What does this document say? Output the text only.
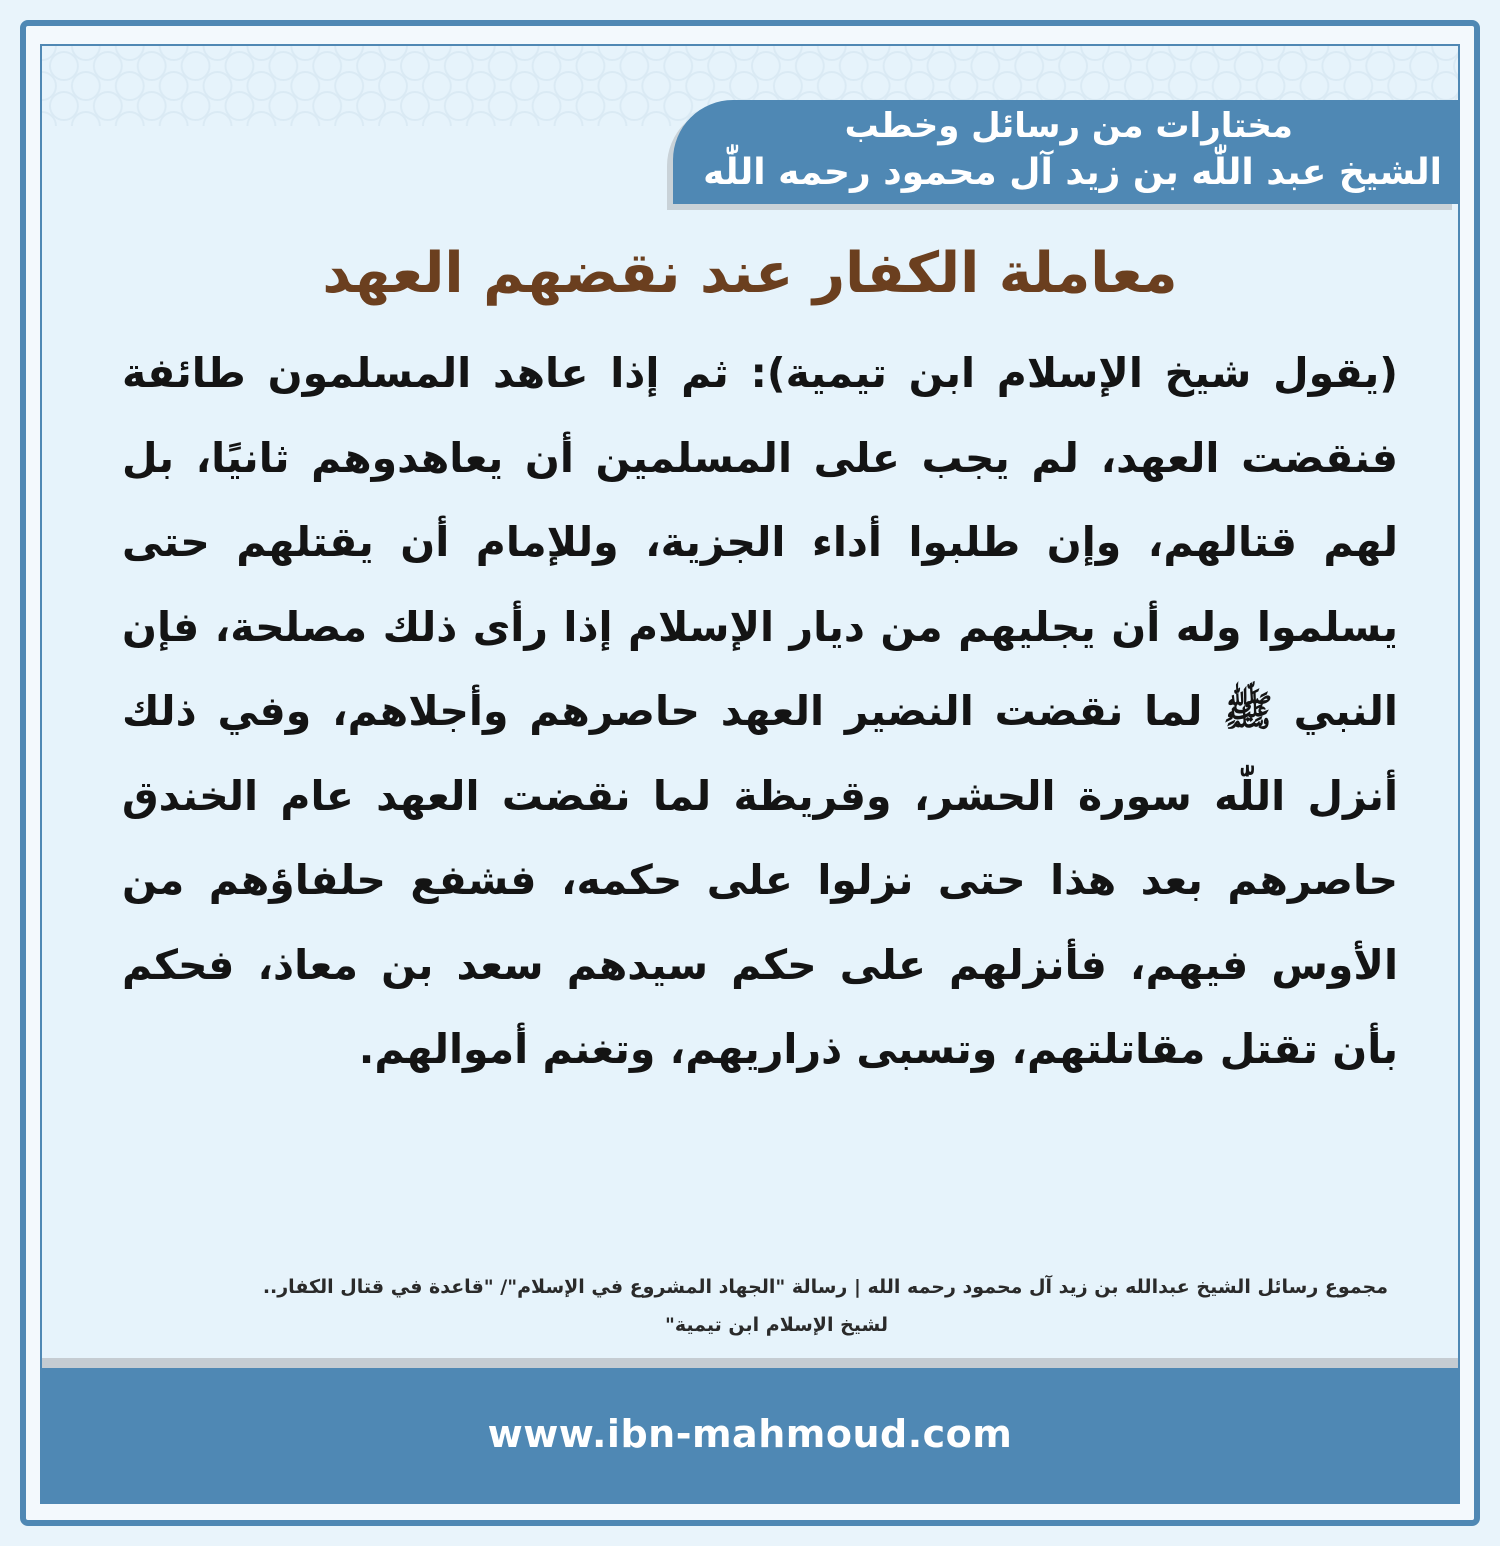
مختارات من رسائل وخطب
الشيخ عبد اللّٰه بن زيد آل محمود رحمه اللّٰه
معاملة الكفار عند نقضهم العهد
(يقول شيخ الإسلام ابن تيمية): ثم إذا عاهد المسلمون طائفة فنقضت العهد، لم يجب على المسلمين أن يعاهدوهم ثانيًا، بل لهم قتالهم، وإن طلبوا أداء الجزية، وللإمام أن يقتلهم حتى يسلموا وله أن يجليهم من ديار الإسلام إذا رأى ذلك مصلحة، فإن النبي ﷺ لما نقضت النضير العهد حاصرهم وأجلاهم، وفي ذلك أنزل اللّٰه سورة الحشر، وقريظة لما نقضت العهد عام الخندق حاصرهم بعد هذا حتى نزلوا على حكمه، فشفع حلفاؤهم من الأوس فيهم، فأنزلهم على حكم سيدهم سعد بن معاذ، فحكم بأن تقتل مقاتلتهم، وتسبى ذراريهم، وتغنم أموالهم.
مجموع رسائل الشيخ عبدالله بن زيد آل محمود رحمه الله | رسالة "الجهاد المشروع في الإسلام"/ "قاعدة في قتال الكفار..
لشيخ الإسلام ابن تيمية"
www.ibn-mahmoud.com
